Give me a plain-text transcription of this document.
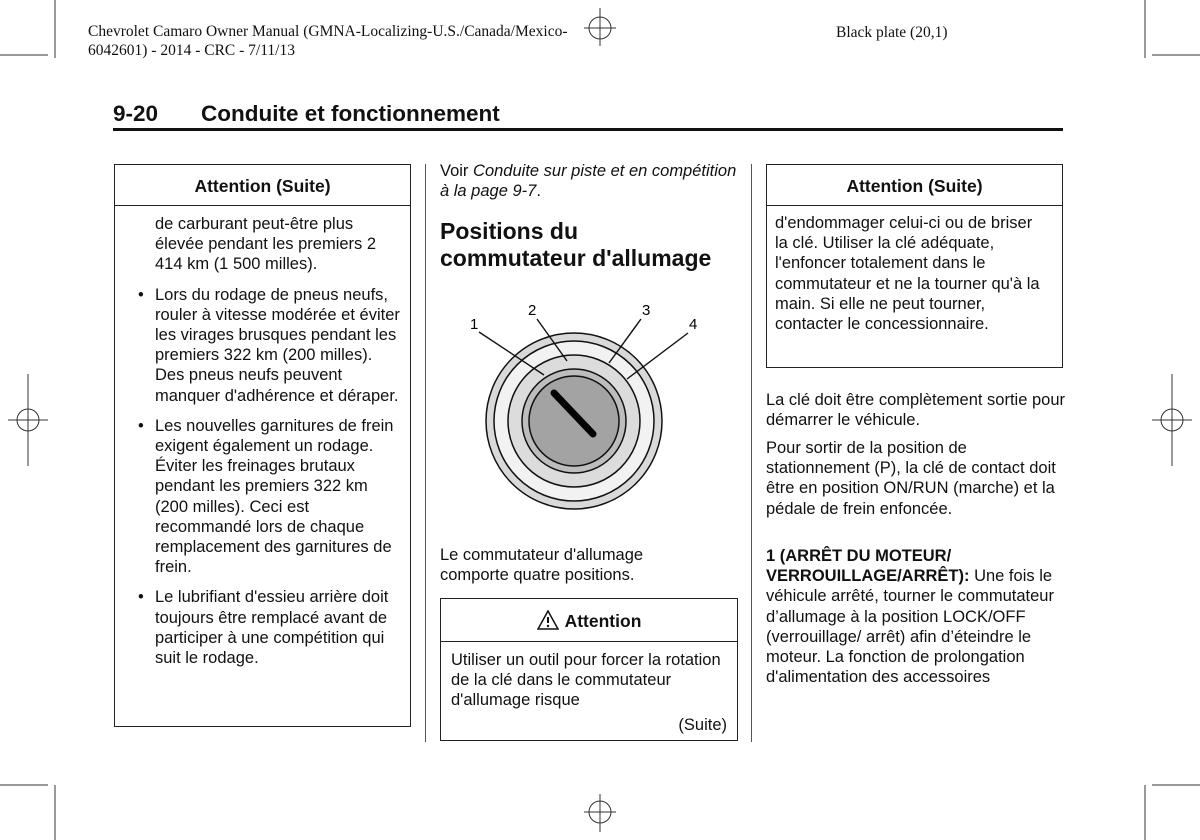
Chevrolet Camaro Owner Manual (GMNA-Localizing-U.S./Canada/Mexico-
6042601) - 2014 - CRC - 7/11/13
Black plate (20,1)
9-20 Conduite et fonctionnement
Attention (Suite)
de carburant peut-être plus élevée pendant les premiers 2 414 km (1 500 milles).
• Lors du rodage de pneus neufs, rouler à vitesse modérée et éviter les virages brusques pendant les premiers 322 km (200 milles). Des pneus neufs peuvent manquer d'adhérence et déraper.
• Les nouvelles garnitures de frein exigent également un rodage. Éviter les freinages brutaux pendant les premiers 322 km (200 milles). Ceci est recommandé lors de chaque remplacement des garnitures de frein.
• Le lubrifiant d'essieu arrière doit toujours être remplacé avant de participer à une compétition qui suit le rodage.
Voir Conduite sur piste et en compétition à la page 9-7.
Positions du
commutateur d'allumage
1
2	3
4
Le commutateur d'allumage comporte quatre positions.
Attention
Utiliser un outil pour forcer la rotation de la clé dans le commutateur d'allumage risque
(Suite)
Attention (Suite)
d'endommager celui-ci ou de briser la clé. Utiliser la clé adéquate, l'enfoncer totalement dans le commutateur et ne la tourner qu'à la main. Si elle ne peut tourner, contacter le concessionnaire.
La clé doit être complètement sortie pour démarrer le véhicule.
Pour sortir de la position de stationnement (P), la clé de contact doit être en position ON/RUN (marche) et la pédale de frein enfoncée.
1 (ARRÊT DU MOTEUR/ VERROUILLAGE/ARRÊT): Une fois le véhicule arrêté, tourner le commutateur d’allumage à la position LOCK/OFF (verrouillage/ arrêt) afin d’éteindre le moteur. La fonction de prolongation d'alimentation des accessoires
